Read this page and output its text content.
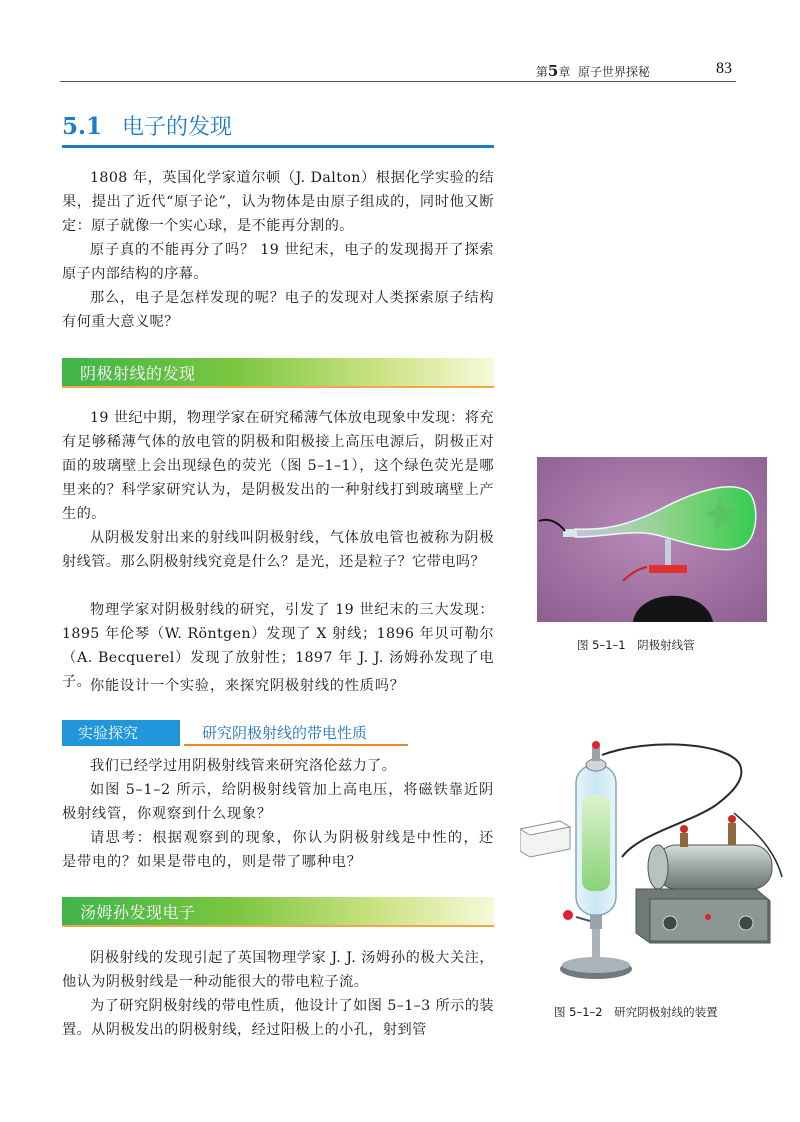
第5章 原子世界探秘	83
5.1 电子的发现
1808 年，英国化学家道尔顿（J. Dalton）根据化学实验的结果，提出了近代“原子论”，认为物体是由原子组成的，同时他又断定：原子就像一个实心球，是不能再分割的。
原子真的不能再分了吗？ 19 世纪末，电子的发现揭开了探索原子内部结构的序幕。
那么，电子是怎样发现的呢？电子的发现对人类探索原子结构有何重大意义呢？
阴极射线的发现
19 世纪中期，物理学家在研究稀薄气体放电现象中发现：将充有足够稀薄气体的放电管的阴极和阳极接上高压电源后，阴极正对面的玻璃壁上会出现绿色的荧光（图 5–1–1），这个绿色荧光是哪里来的？科学家研究认为，是阴极发出的一种射线打到玻璃壁上产生的。
从阴极发射出来的射线叫阴极射线，气体放电管也被称为阴极射线管。那么阴极射线究竟是什么？是光，还是粒子？它带电吗？
物理学家对阴极射线的研究，引发了 19 世纪末的三大发现：1895 年伦琴（W. Röntgen）发现了 X 射线；1896 年贝可勒尔（A. Becquerel）发现了放射性；1897 年 J. J. 汤姆孙发现了电子。
你能设计一个实验，来探究阴极射线的性质吗？
实验探究	研究阴极射线的带电性质
我们已经学过用阴极射线管来研究洛伦兹力了。
如图 5–1–2 所示，给阴极射线管加上高电压，将磁铁靠近阴极射线管，你观察到什么现象？
请思考：根据观察到的现象，你认为阴极射线是中性的，还是带电的？如果是带电的，则是带了哪种电？
汤姆孙发现电子
阴极射线的发现引起了英国物理学家 J. J. 汤姆孙的极大关注，他认为阴极射线是一种动能很大的带电粒子流。
为了研究阴极射线的带电性质，他设计了如图 5–1–3 所示的装置。从阴极发出的阴极射线，经过阳极上的小孔，射到管
图 5–1–1　阴极射线管
图 5–1–2　研究阴极射线的装置
